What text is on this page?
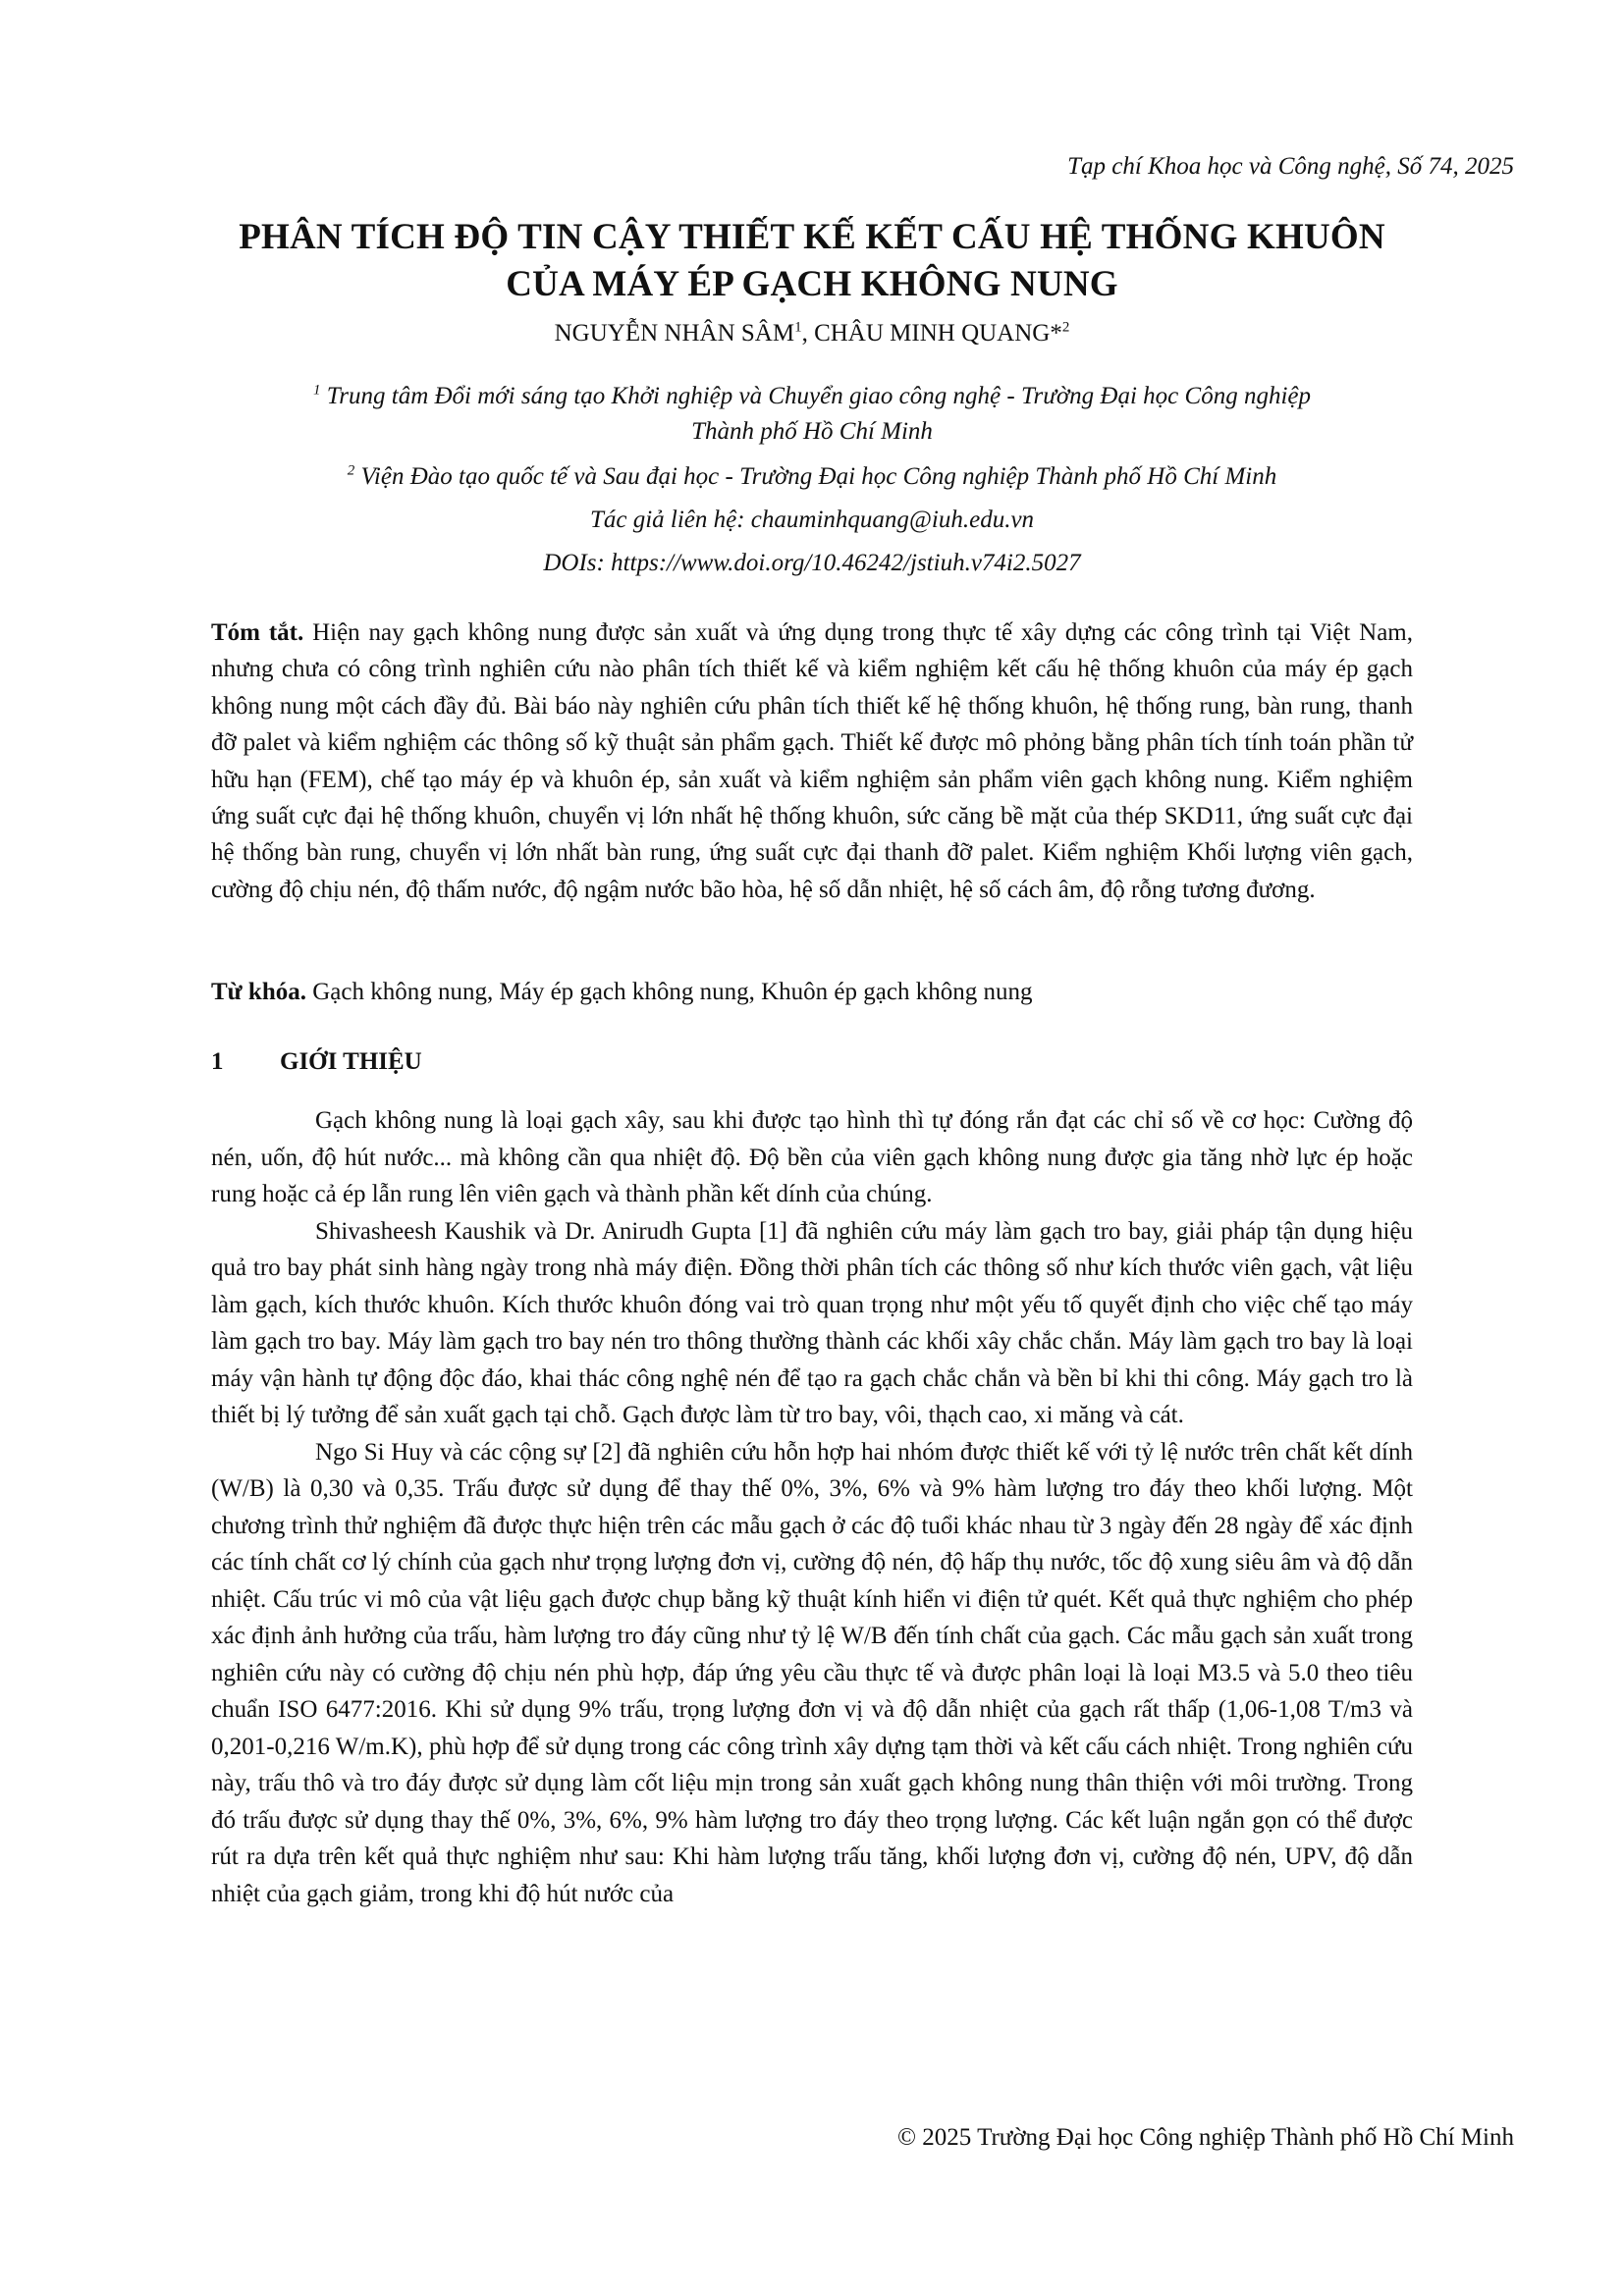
Tạp chí Khoa học và Công nghệ, Số 74, 2025
PHÂN TÍCH ĐỘ TIN CẬY THIẾT KẾ KẾT CẤU HỆ THỐNG KHUÔN
CỦA MÁY ÉP GẠCH KHÔNG NUNG
NGUYỄN NHÂN SÂM$^1$, CHÂU MINH QUANG*$^2$
$^1$ Trung tâm Đổi mới sáng tạo Khởi nghiệp và Chuyển giao công nghệ - Trường Đại học Công nghiệp
Thành phố Hồ Chí Minh
$^2$ Viện Đào tạo quốc tế và Sau đại học - Trường Đại học Công nghiệp Thành phố Hồ Chí Minh
Tác giả liên hệ: chauminhquang@iuh.edu.vn
DOIs: https://www.doi.org/10.46242/jstiuh.v74i2.5027
Tóm tắt. Hiện nay gạch không nung được sản xuất và ứng dụng trong thực tế xây dựng các công trình tại Việt Nam, nhưng chưa có công trình nghiên cứu nào phân tích thiết kế và kiểm nghiệm kết cấu hệ thống khuôn của máy ép gạch không nung một cách đầy đủ. Bài báo này nghiên cứu phân tích thiết kế hệ thống khuôn, hệ thống rung, bàn rung, thanh đỡ palet và kiểm nghiệm các thông số kỹ thuật sản phẩm gạch. Thiết kế được mô phỏng bằng phân tích tính toán phần tử hữu hạn (FEM), chế tạo máy ép và khuôn ép, sản xuất và kiểm nghiệm sản phẩm viên gạch không nung. Kiểm nghiệm ứng suất cực đại hệ thống khuôn, chuyển vị lớn nhất hệ thống khuôn, sức căng bề mặt của thép SKD11, ứng suất cực đại hệ thống bàn rung, chuyển vị lớn nhất bàn rung, ứng suất cực đại thanh đỡ palet. Kiểm nghiệm Khối lượng viên gạch, cường độ chịu nén, độ thấm nước, độ ngậm nước bão hòa, hệ số dẫn nhiệt, hệ số cách âm, độ rỗng tương đương.
Từ khóa. Gạch không nung, Máy ép gạch không nung, Khuôn ép gạch không nung
1 GIỚI THIỆU

Gạch không nung là loại gạch xây, sau khi được tạo hình thì tự đóng rắn đạt các chỉ số về cơ học: Cường độ nén, uốn, độ hút nước... mà không cần qua nhiệt độ. Độ bền của viên gạch không nung được gia tăng nhờ lực ép hoặc rung hoặc cả ép lẫn rung lên viên gạch và thành phần kết dính của chúng.

Shivasheesh Kaushik và Dr. Anirudh Gupta [1] đã nghiên cứu máy làm gạch tro bay, giải pháp tận dụng hiệu quả tro bay phát sinh hàng ngày trong nhà máy điện. Đồng thời phân tích các thông số như kích thước viên gạch, vật liệu làm gạch, kích thước khuôn. Kích thước khuôn đóng vai trò quan trọng như một yếu tố quyết định cho việc chế tạo máy làm gạch tro bay. Máy làm gạch tro bay nén tro thông thường thành các khối xây chắc chắn. Máy làm gạch tro bay là loại máy vận hành tự động độc đáo, khai thác công nghệ nén để tạo ra gạch chắc chắn và bền bỉ khi thi công. Máy gạch tro là thiết bị lý tưởng để sản xuất gạch tại chỗ. Gạch được làm từ tro bay, vôi, thạch cao, xi măng và cát.

Ngo Si Huy và các cộng sự [2] đã nghiên cứu hỗn hợp hai nhóm được thiết kế với tỷ lệ nước trên chất kết dính (W/B) là 0,30 và 0,35. Trấu được sử dụng để thay thế 0%, 3%, 6% và 9% hàm lượng tro đáy theo khối lượng. Một chương trình thử nghiệm đã được thực hiện trên các mẫu gạch ở các độ tuổi khác nhau từ 3 ngày đến 28 ngày để xác định các tính chất cơ lý chính của gạch như trọng lượng đơn vị, cường độ nén, độ hấp thụ nước, tốc độ xung siêu âm và độ dẫn nhiệt. Cấu trúc vi mô của vật liệu gạch được chụp bằng kỹ thuật kính hiển vi điện tử quét. Kết quả thực nghiệm cho phép xác định ảnh hưởng của trấu, hàm lượng tro đáy cũng như tỷ lệ W/B đến tính chất của gạch. Các mẫu gạch sản xuất trong nghiên cứu này có cường độ chịu nén phù hợp, đáp ứng yêu cầu thực tế và được phân loại là loại M3.5 và 5.0 theo tiêu chuẩn ISO 6477:2016. Khi sử dụng 9% trấu, trọng lượng đơn vị và độ dẫn nhiệt của gạch rất thấp (1,06-1,08 T/m3 và 0,201-0,216 W/m.K), phù hợp để sử dụng trong các công trình xây dựng tạm thời và kết cấu cách nhiệt. Trong nghiên cứu này, trấu thô và tro đáy được sử dụng làm cốt liệu mịn trong sản xuất gạch không nung thân thiện với môi trường. Trong đó trấu được sử dụng thay thế 0%, 3%, 6%, 9% hàm lượng tro đáy theo trọng lượng. Các kết luận ngắn gọn có thể được rút ra dựa trên kết quả thực nghiệm như sau: Khi hàm lượng trấu tăng, khối lượng đơn vị, cường độ nén, UPV, độ dẫn nhiệt của gạch giảm, trong khi độ hút nước của

© 2025 Trường Đại học Công nghiệp Thành phố Hồ Chí Minh
